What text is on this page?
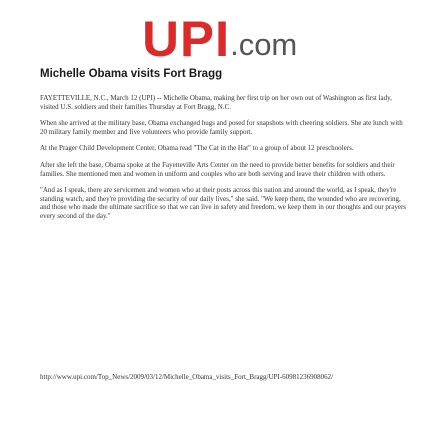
UPI .com
Michelle Obama visits Fort Bragg

FAYETTEVILLE, N.C., March 12 (UPI) -- Michelle Obama, making her first trip on her own out of Washington as first lady, visited U.S. soldiers and their families Thursday at Fort Bragg, N.C.

When she arrived at the military base, Obama exchanged hugs and posed for snapshots with cheering soldiers. She ate lunch with 20 military family member and five volunteers who provide family support.

At the Prager Child Development Center, Obama read "The Cat in the Hat" to a group of about 12 preschoolers.

After she left the base, Obama spoke at the Fayetteville Arts Center on the need to provide better benefits for soldiers and their families. She mentioned men and women in uniform and couples who are both serving and leave their children with others.

"And as I speak, there are servicemen and women who at their posts across this nation and around the world, as I speak, they're standing watch, and they're providing the security of our daily lives," she said. "We keep them, the wounded who are recovering, and those who made the ultimate sacrifice so that we can live in safety and freedom, we keep them in our thoughts and our prayers every second of the day."

http://www.upi.com/Top_News/2009/03/12/Michelle_Obama_visits_Fort_Bragg/UPI-60981236908062/
